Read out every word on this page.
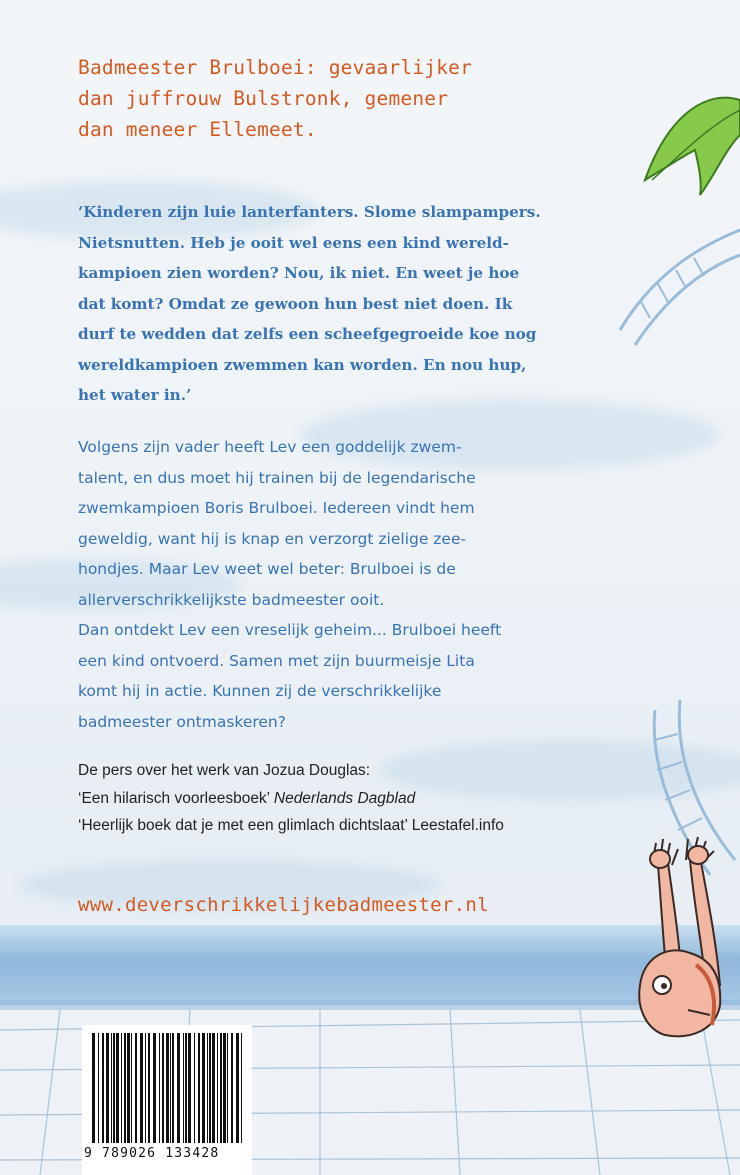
Badmeester Brulboei: gevaarlijker
dan juffrouw Bulstronk, gemener
dan meneer Ellemeet.

‘Kinderen zijn luie lanterfanters. Slome slampampers.
Nietsnutten. Heb je ooit wel eens een kind wereld-
kampioen zien worden? Nou, ik niet. En weet je hoe
dat komt? Omdat ze gewoon hun best niet doen. Ik
durf te wedden dat zelfs een scheefgegroeide koe nog
wereldkampioen zwemmen kan worden. En nou hup,
het water in.’

Volgens zijn vader heeft Lev een goddelijk zwem-
talent, en dus moet hij trainen bij de legendarische
zwemkampioen Boris Brulboei. Iedereen vindt hem
geweldig, want hij is knap en verzorgt zielige zee-
hondjes. Maar Lev weet wel beter: Brulboei is de
allerverschrikkelijkste badmeester ooit.
Dan ontdekt Lev een vreselijk geheim... Brulboei heeft
een kind ontvoerd. Samen met zijn buurmeisje Lita
komt hij in actie. Kunnen zij de verschrikkelijke
badmeester ontmaskeren?

De pers over het werk van Jozua Douglas:
‘Een hilarisch voorleesboek’ Nederlands Dagblad
‘Heerlijk boek dat je met een glimlach dichtslaat’ Leestafel.info
www.deverschrikkelijkebadmeester.nl
9 789026 133428
